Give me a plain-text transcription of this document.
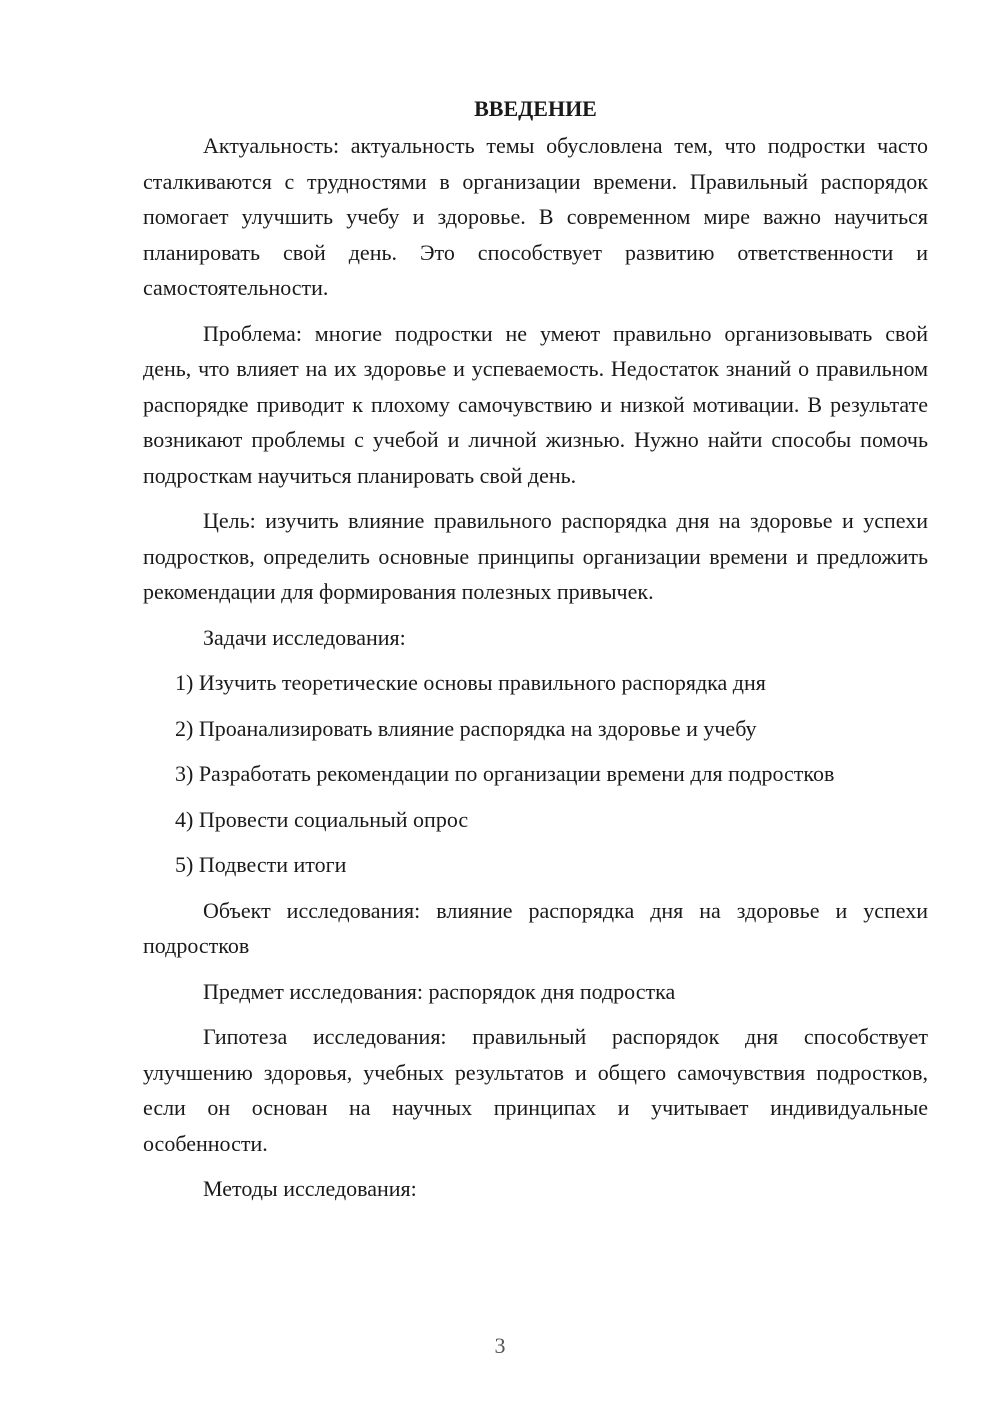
ВВЕДЕНИЕ

Актуальность: актуальность темы обусловлена тем, что подростки часто сталкиваются с трудностями в организации времени. Правильный распорядок помогает улучшить учебу и здоровье. В современном мире важно научиться планировать свой день. Это способствует развитию ответственности и самостоятельности.

Проблема: многие подростки не умеют правильно организовывать свой день, что влияет на их здоровье и успеваемость. Недостаток знаний о правильном распорядке приводит к плохому самочувствию и низкой мотивации. В результате возникают проблемы с учебой и личной жизнью. Нужно найти способы помочь подросткам научиться планировать свой день.

Цель: изучить влияние правильного распорядка дня на здоровье и успехи подростков, определить основные принципы организации времени и предложить рекомендации для формирования полезных привычек.

Задачи исследования:

1) Изучить теоретические основы правильного распорядка дня
2) Проанализировать влияние распорядка на здоровье и учебу
3) Разработать рекомендации по организации времени для подростков
4) Провести социальный опрос
5) Подвести итоги

Объект исследования: влияние распорядка дня на здоровье и успехи подростков

Предмет исследования: распорядок дня подростка

Гипотеза исследования: правильный распорядок дня способствует улучшению здоровья, учебных результатов и общего самочувствия подростков, если он основан на научных принципах и учитывает индивидуальные особенности.

Методы исследования:

3
